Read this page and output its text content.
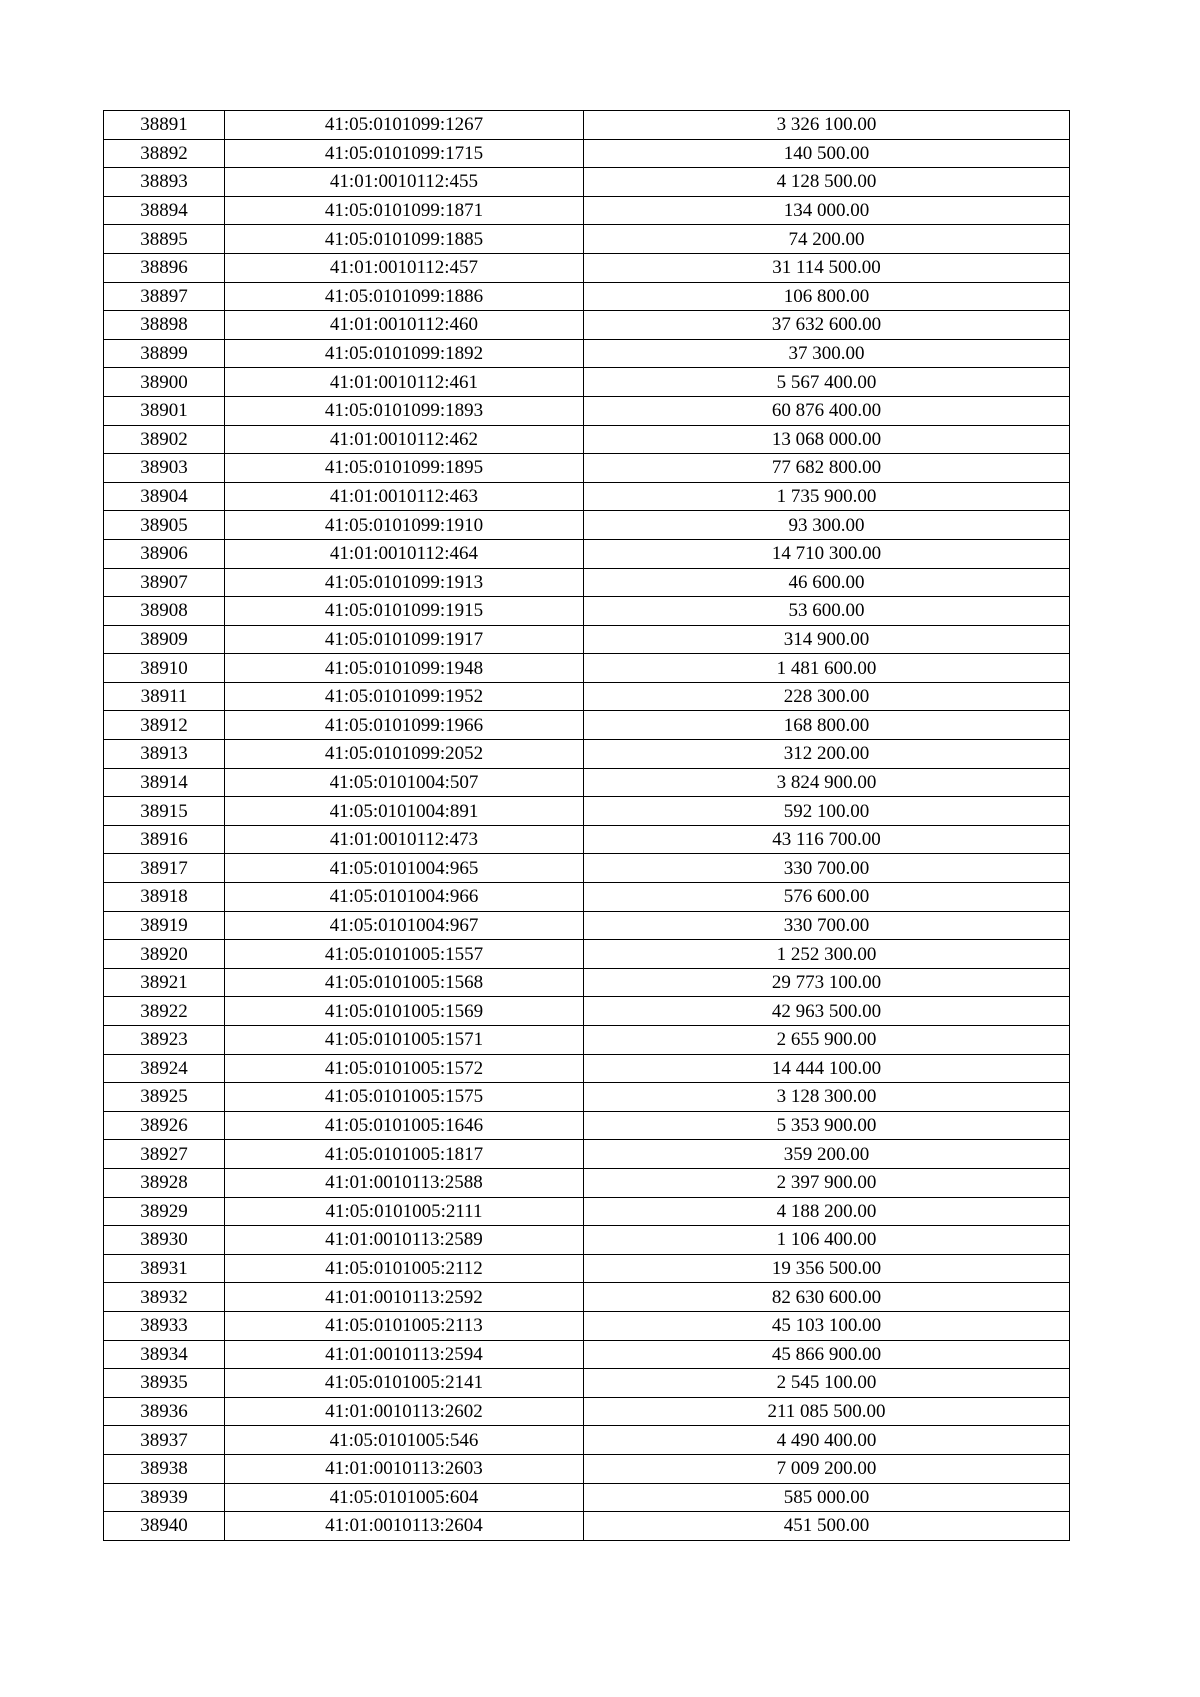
38891	41:05:0101099:1267	3 326 100.00
38892	41:05:0101099:1715	140 500.00
38893	41:01:0010112:455	4 128 500.00
38894	41:05:0101099:1871	134 000.00
38895	41:05:0101099:1885	74 200.00
38896	41:01:0010112:457	31 114 500.00
38897	41:05:0101099:1886	106 800.00
38898	41:01:0010112:460	37 632 600.00
38899	41:05:0101099:1892	37 300.00
38900	41:01:0010112:461	5 567 400.00
38901	41:05:0101099:1893	60 876 400.00
38902	41:01:0010112:462	13 068 000.00
38903	41:05:0101099:1895	77 682 800.00
38904	41:01:0010112:463	1 735 900.00
38905	41:05:0101099:1910	93 300.00
38906	41:01:0010112:464	14 710 300.00
38907	41:05:0101099:1913	46 600.00
38908	41:05:0101099:1915	53 600.00
38909	41:05:0101099:1917	314 900.00
38910	41:05:0101099:1948	1 481 600.00
38911	41:05:0101099:1952	228 300.00
38912	41:05:0101099:1966	168 800.00
38913	41:05:0101099:2052	312 200.00
38914	41:05:0101004:507	3 824 900.00
38915	41:05:0101004:891	592 100.00
38916	41:01:0010112:473	43 116 700.00
38917	41:05:0101004:965	330 700.00
38918	41:05:0101004:966	576 600.00
38919	41:05:0101004:967	330 700.00
38920	41:05:0101005:1557	1 252 300.00
38921	41:05:0101005:1568	29 773 100.00
38922	41:05:0101005:1569	42 963 500.00
38923	41:05:0101005:1571	2 655 900.00
38924	41:05:0101005:1572	14 444 100.00
38925	41:05:0101005:1575	3 128 300.00
38926	41:05:0101005:1646	5 353 900.00
38927	41:05:0101005:1817	359 200.00
38928	41:01:0010113:2588	2 397 900.00
38929	41:05:0101005:2111	4 188 200.00
38930	41:01:0010113:2589	1 106 400.00
38931	41:05:0101005:2112	19 356 500.00
38932	41:01:0010113:2592	82 630 600.00
38933	41:05:0101005:2113	45 103 100.00
38934	41:01:0010113:2594	45 866 900.00
38935	41:05:0101005:2141	2 545 100.00
38936	41:01:0010113:2602	211 085 500.00
38937	41:05:0101005:546	4 490 400.00
38938	41:01:0010113:2603	7 009 200.00
38939	41:05:0101005:604	585 000.00
38940	41:01:0010113:2604	451 500.00
